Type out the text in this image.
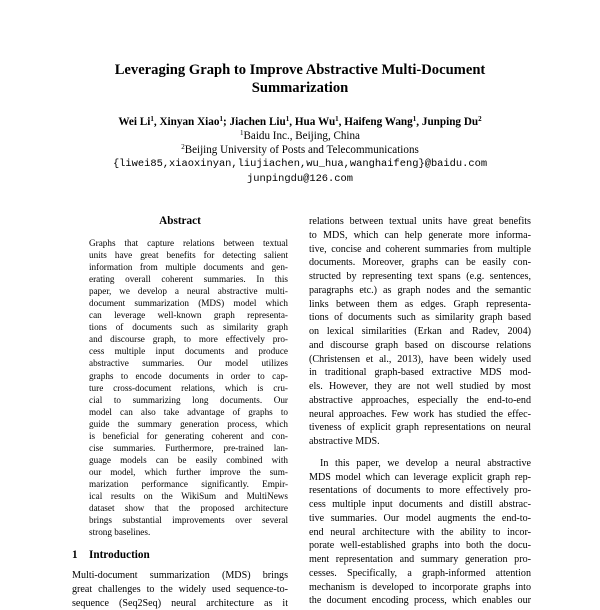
Leveraging Graph to Improve Abstractive Multi-Document
Summarization
Wei Li$^1$, Xinyan Xiao$^1$; Jiachen Liu$^1$, Hua Wu$^1$, Haifeng Wang$^1$, Junping Du$^2$
$^1$Baidu Inc., Beijing, China
$^2$Beijing University of Posts and Telecommunications
{liwei85,xiaoxinyan,liujiachen,wu_hua,wanghaifeng}@baidu.com
junpingdu@126.com
Abstract
Graphs that capture relations between textual
units have great benefits for detecting salient
information from multiple documents and gen-
erating overall coherent summaries. In this
paper, we develop a neural abstractive multi-
document summarization (MDS) model which
can leverage well-known graph representa-
tions of documents such as similarity graph
and discourse graph, to more effectively pro-
cess multiple input documents and produce
abstractive summaries. Our model utilizes
graphs to encode documents in order to cap-
ture cross-document relations, which is cru-
cial to summarizing long documents. Our
model can also take advantage of graphs to
guide the summary generation process, which
is beneficial for generating coherent and con-
cise summaries. Furthermore, pre-trained lan-
guage models can be easily combined with
our model, which further improve the sum-
marization performance significantly. Empir-
ical results on the WikiSum and MultiNews
dataset show that the proposed architecture
brings substantial improvements over several
strong baselines.
1 Introduction
Multi-document summarization (MDS) brings
great challenges to the widely used sequence-to-
sequence (Seq2Seq) neural architecture as it
relations between textual units have great benefits
to MDS, which can help generate more informa-
tive, concise and coherent summaries from multiple
documents. Moreover, graphs can be easily con-
structed by representing text spans (e.g. sentences,
paragraphs etc.) as graph nodes and the semantic
links between them as edges. Graph representa-
tions of documents such as similarity graph based
on lexical similarities (Erkan and Radev, 2004)
and discourse graph based on discourse relations
(Christensen et al., 2013), have been widely used
in traditional graph-based extractive MDS mod-
els. However, they are not well studied by most
abstractive approaches, especially the end-to-end
neural approaches. Few work has studied the effec-
tiveness of explicit graph representations on neural
abstractive MDS.
In this paper, we develop a neural abstractive
MDS model which can leverage explicit graph rep-
resentations of documents to more effectively pro-
cess multiple input documents and distill abstrac-
tive summaries. Our model augments the end-to-
end neural architecture with the ability to incor-
porate well-established graphs into both the docu-
ment representation and summary generation pro-
cesses. Specifically, a graph-informed attention
mechanism is developed to incorporate graphs into
the document encoding process, which enables our
